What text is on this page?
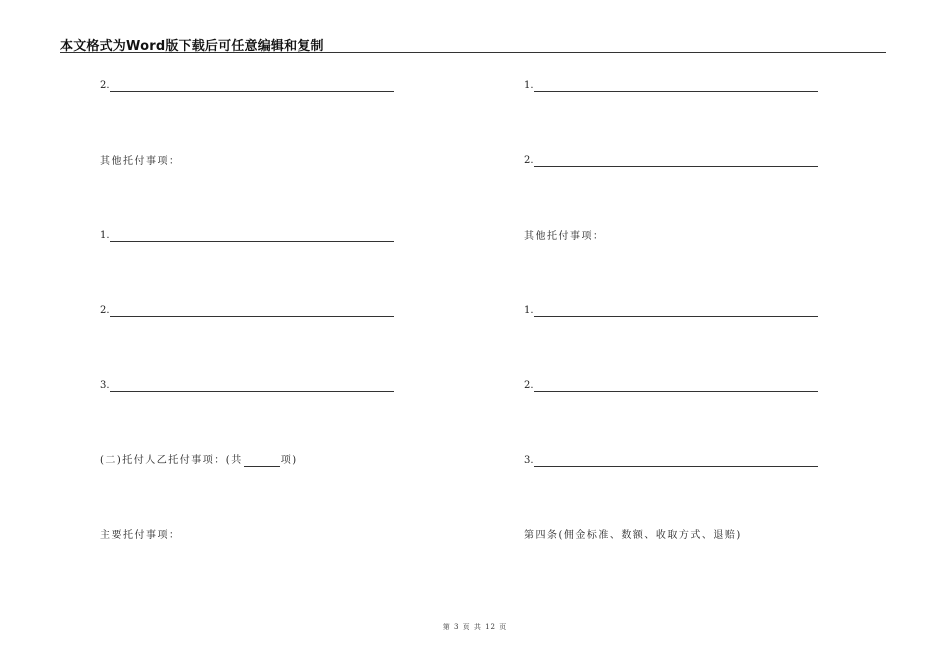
本文格式为Word版下载后可任意编辑和复制
2.
其他托付事项：
1.
2.
3.
(二)托付人乙托付事项：(共	项)
主要托付事项：
1.
2.
其他托付事项：
1.
2.
3.
第四条(佣金标准、数额、收取方式、退赔)
第 3 页 共 12 页
